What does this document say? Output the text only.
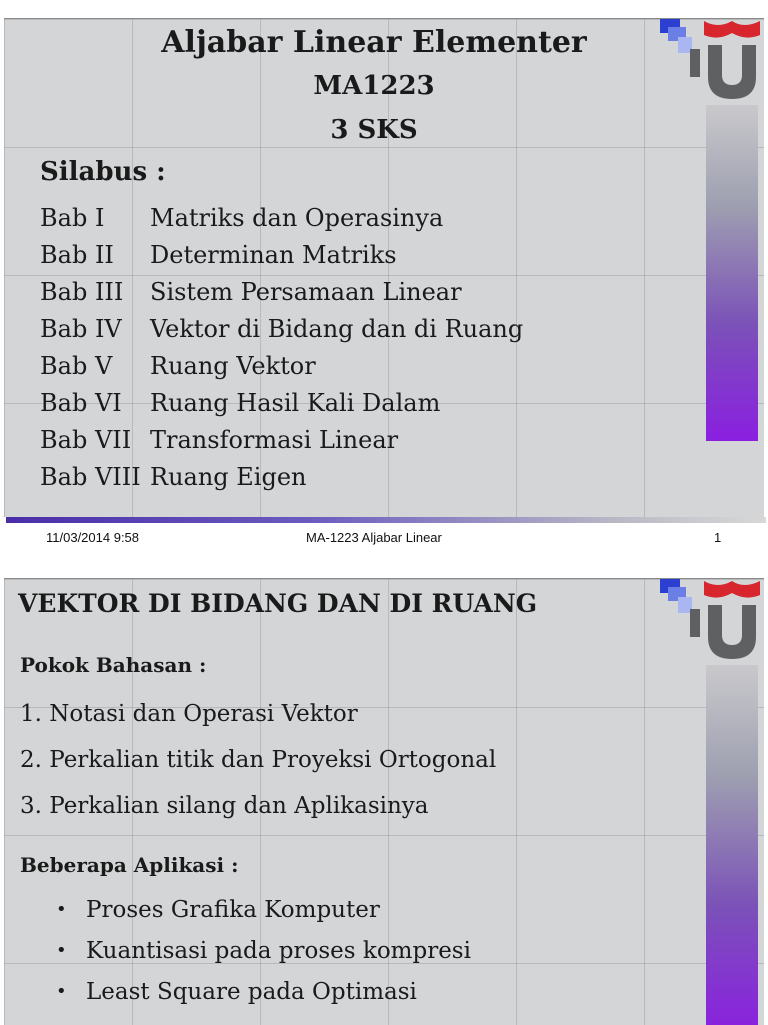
Aljabar Linear Elementer
MA1223
3 SKS
Silabus :
Bab I	Matriks dan Operasinya
Bab II	Determinan Matriks
Bab III	Sistem Persamaan Linear
Bab IV	Vektor di Bidang dan di Ruang
Bab V	Ruang Vektor
Bab VI	Ruang Hasil Kali Dalam
Bab VII Transformasi Linear
Bab VIII Ruang Eigen
11/03/2014 9:58	MA-1223 Aljabar Linear	1
VEKTOR DI BIDANG DAN DI RUANG
Pokok Bahasan :
1. Notasi dan Operasi Vektor
2. Perkalian titik dan Proyeksi Ortogonal
3. Perkalian silang dan Aplikasinya
Beberapa Aplikasi :
• Proses Grafika Komputer
• Kuantisasi pada proses kompresi
• Least Square pada Optimasi
